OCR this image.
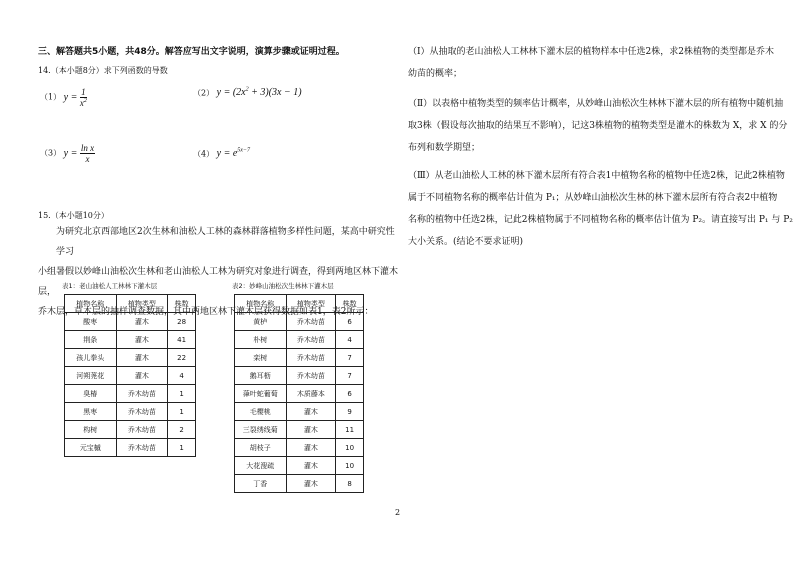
三、解答题共5小题，共48分。解答应写出文字说明，演算步骤或证明过程。
14.（本小题8分）求下列函数的导数
（1） $y = \frac{1}{x^2}$	（2） $y = (2x^2 + 3)(3x - 1)$
（3） $y = \frac{\text{ln x}}{x}$	（4） $y = e^{5x-7}$
15.（本小题10分）
为研究北京西部地区2次生林和油松人工林的森林群落植物多样性问题，某高中研究性学习
小组暑假以妙峰山油松次生林和老山油松人工林为研究对象进行调查，得到两地区林下灌木层，
乔木层，草本层的抽样调查数据，其中两地区林下灌木层获得数据如表1，表2所示：
表1：老山油松人工林林下灌木层
植物名称	植物类型	株数
酸枣	灌木	28
荆条	灌木	41
孩儿拳头	灌木	22
河朔荛花	灌木	4
臭椿	乔木幼苗	1
黑枣	乔木幼苗	1
构树	乔木幼苗	2
元宝槭	乔木幼苗	1
表2：妙峰山油松次生林林下灌木层
植物名称	植物类型	株数
黄栌	乔木幼苗	6
朴树	乔木幼苗	4
栾树	乔木幼苗	7
鹅耳枥	乔木幼苗	7
葎叶蛇葡萄	木质藤本	6
毛樱桃	灌木	9
三裂绣线菊	灌木	11
胡枝子	灌木	10
大花溲疏	灌木	10
丁香	灌木	8
（Ⅰ）从抽取的老山油松人工林林下灌木层的植物样本中任选2株，求2株植物的类型都是乔木
幼苗的概率；
（Ⅱ）以表格中植物类型的频率估计概率，从妙峰山油松次生林林下灌木层的所有植物中随机抽
取3株（假设每次抽取的结果互不影响），记这3株植物的植物类型是灌木的株数为 X，求 X 的分
布列和数学期望；
（Ⅲ）从老山油松人工林的林下灌木层所有符合表1中植物名称的植物中任选2株，记此2株植物
属于不同植物名称的概率估计值为 P₁；从妙峰山油松次生林的林下灌木层所有符合表2中植物
名称的植物中任选2株，记此2株植物属于不同植物名称的概率估计值为 P₂。请直接写出 P₁ 与 P₂
大小关系。(结论不要求证明)
2
